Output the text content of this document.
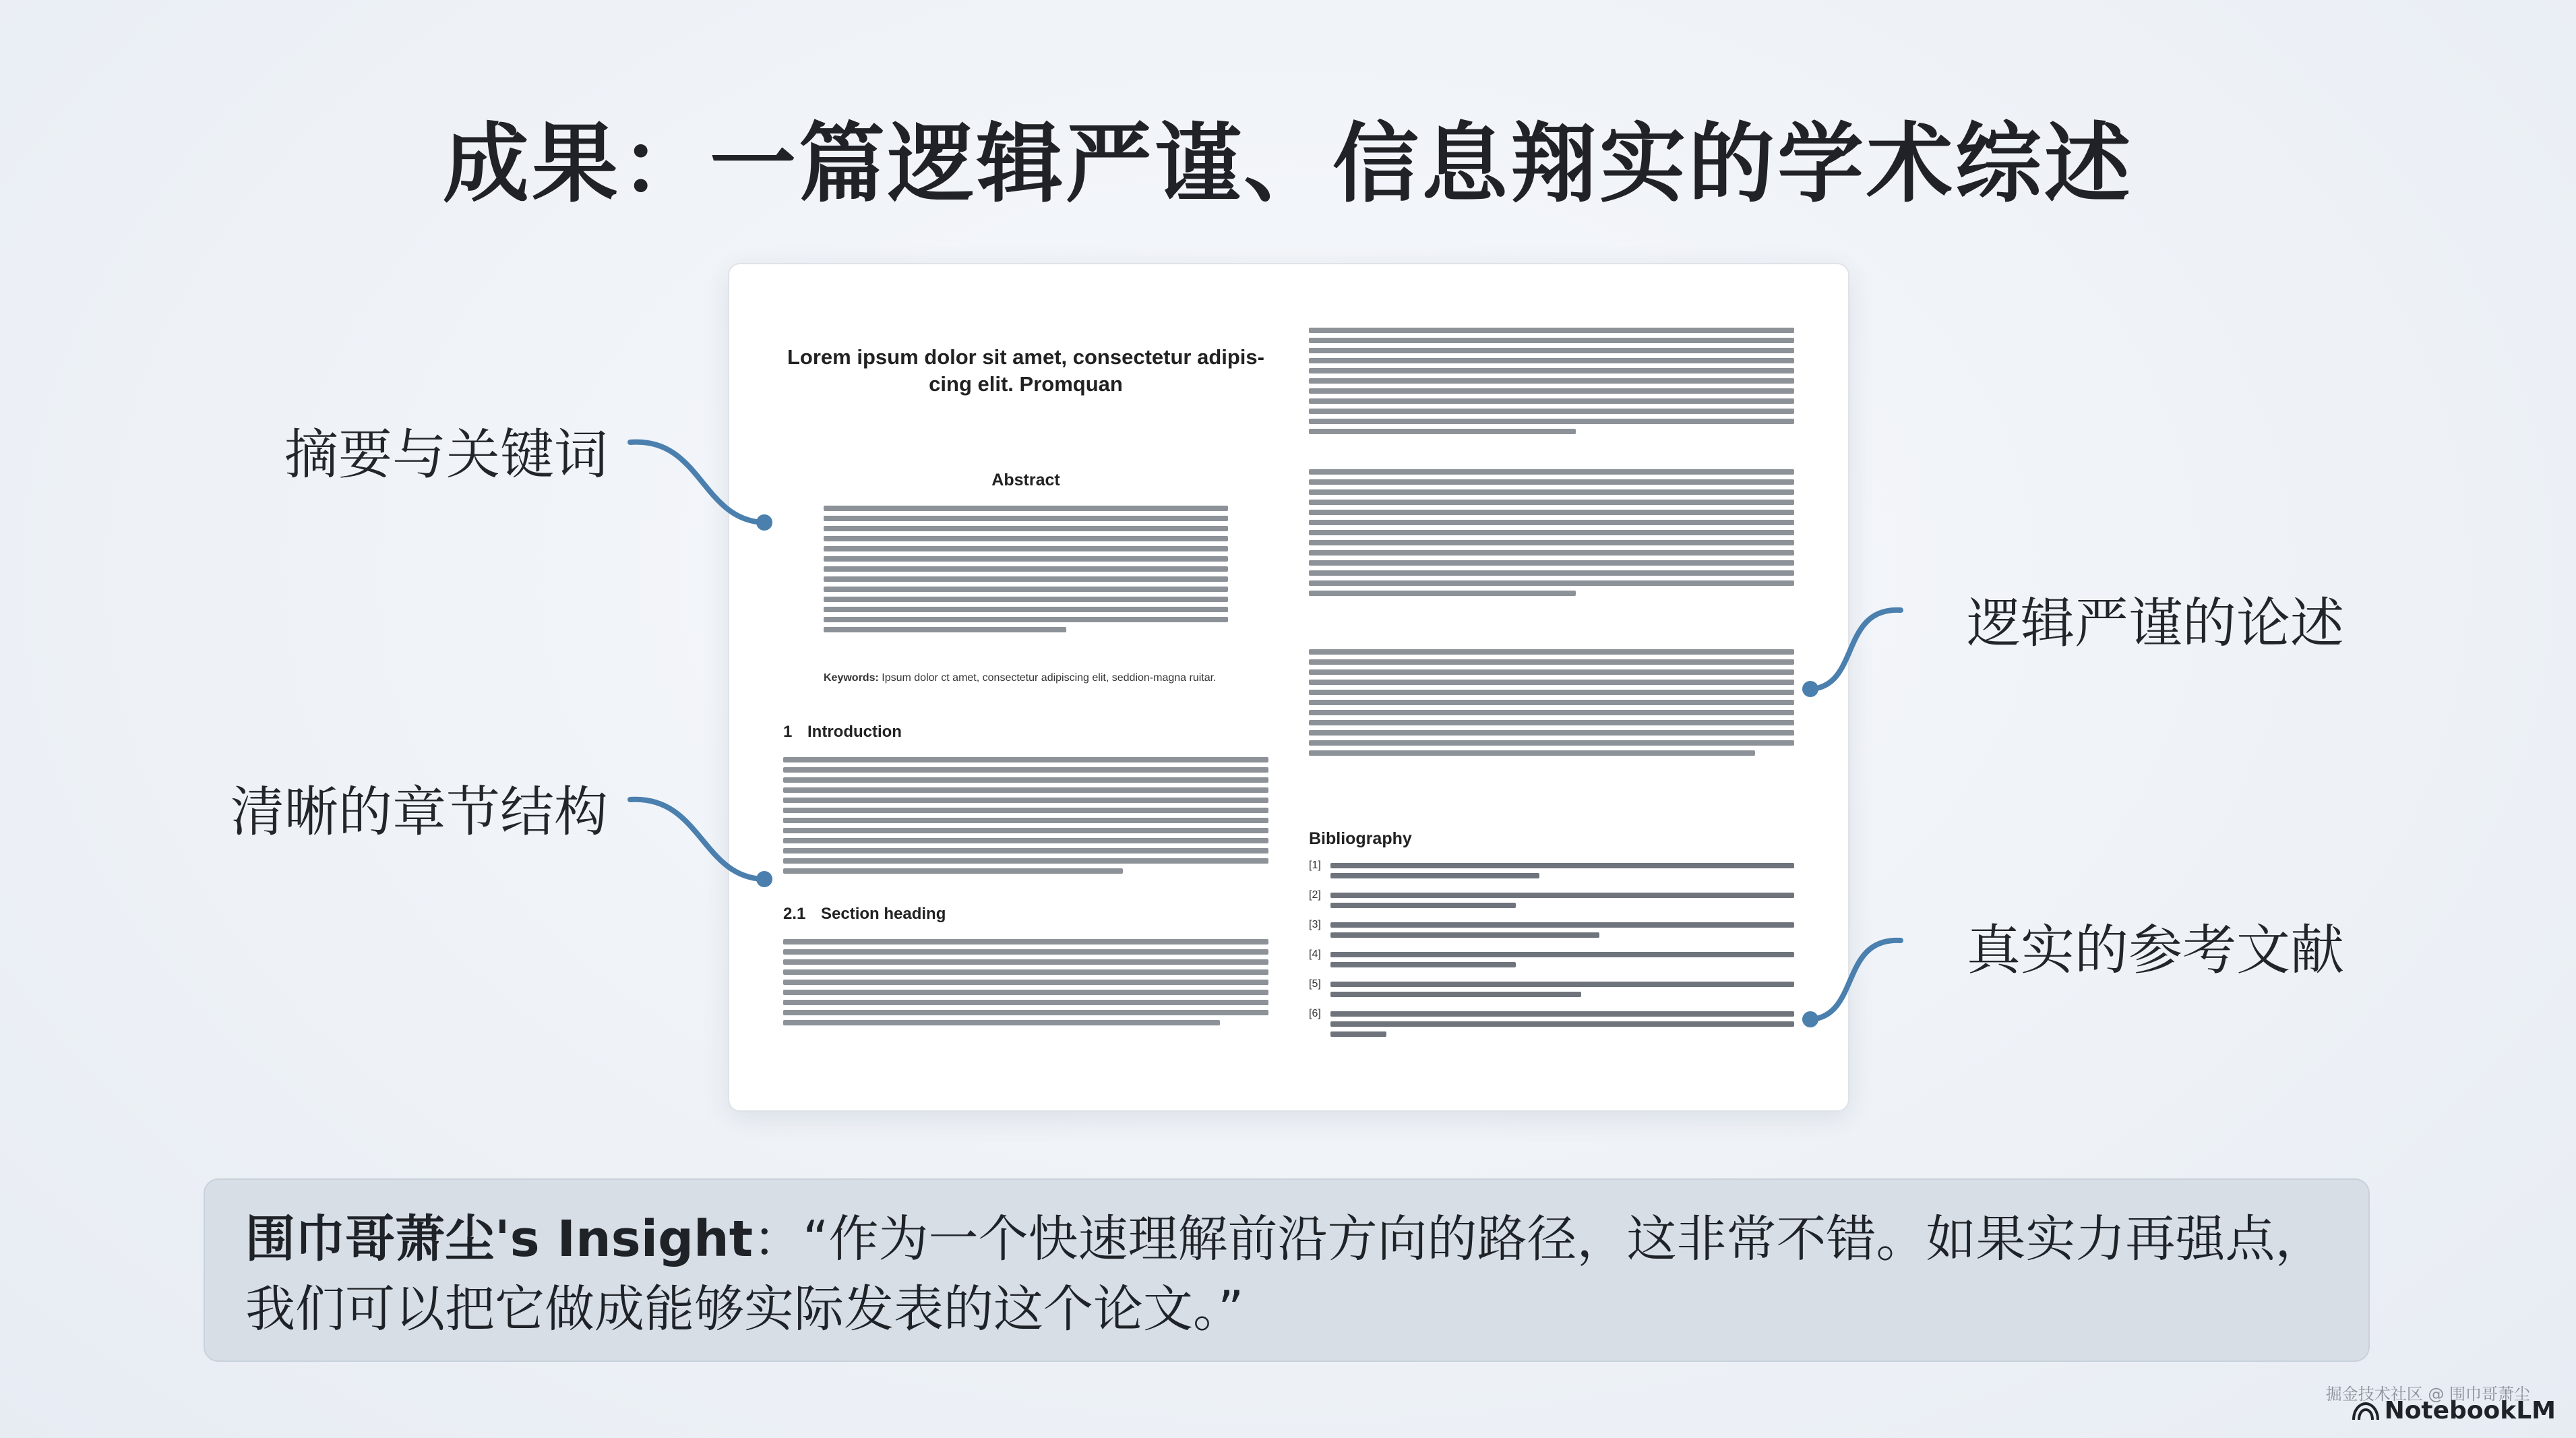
成果：一篇逻辑严谨、信息翔实的学术综述
Lorem ipsum dolor sit amet, consectetur adipis-cing elit. Promquan
Abstract
Keywords: Ipsum dolor ct amet, consectetur adipiscing elit, seddion-magna ruitar.
1 Introduction
2.1 Section heading
Bibliography
[1]
[2]
[3]
[4]
[5]
[6]
摘要与关键词
清晰的章节结构
逻辑严谨的论述
真实的参考文献
围巾哥萧尘's Insight：“作为一个快速理解前沿方向的路径，这非常不错。如果实力再强点，我们可以把它做成能够实际发表的这个论文。”
掘金技术社区 @ 围巾哥萧尘
NotebookLM
